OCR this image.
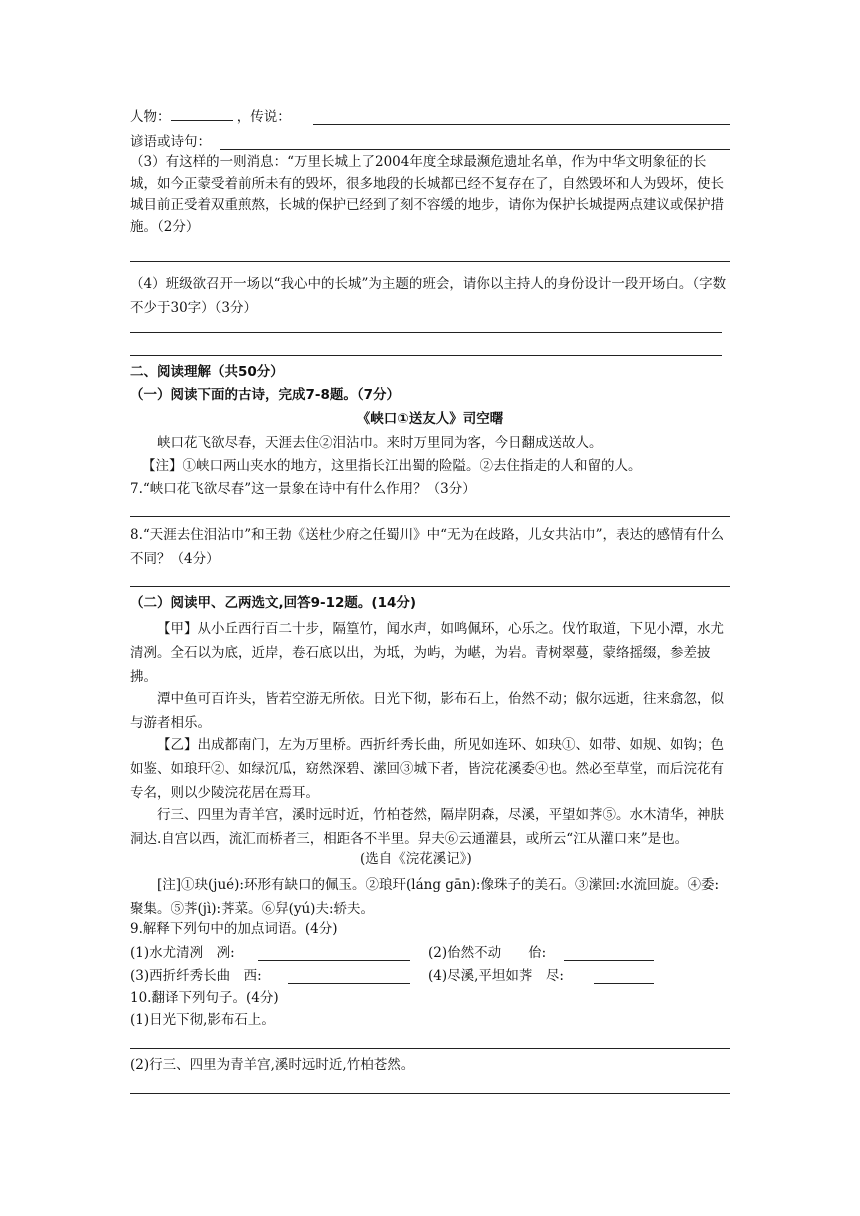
人物：	，传说：
谚语或诗句：
（3）有这样的一则消息：“万里长城上了2004年度全球最濒危遗址名单，作为中华文明象征的长城，如今正蒙受着前所未有的毁坏，很多地段的长城都已经不复存在了，自然毁坏和人为毁坏，使长城目前正受着双重煎熬，长城的保护已经到了刻不容缓的地步，请你为保护长城提两点建议或保护措施。（2分）
（4）班级欲召开一场以“我心中的长城”为主题的班会，请你以主持人的身份设计一段开场白。（字数不少于30字）（3分）
二、阅读理解（共50分）
（一）阅读下面的古诗，完成7-8题。（7分）
《峡口①送友人》司空曙
峡口花飞欲尽春，天涯去住②泪沾巾。来时万里同为客，今日翻成送故人。
【注】①峡口两山夹水的地方，这里指长江出蜀的险隘。②去住指走的人和留的人。
7.“峡口花飞欲尽春”这一景象在诗中有什么作用？（3分）
8.“天涯去住泪沾巾”和王勃《送杜少府之任蜀川》中“无为在歧路，儿女共沾巾”，表达的感情有什么不同？（4分）
（二）阅读甲、乙两选文,回答9-12题。(14分)
【甲】从小丘西行百二十步，隔篁竹，闻水声，如鸣佩环，心乐之。伐竹取道，下见小潭，水尤清冽。全石以为底，近岸，卷石底以出，为坻，为屿，为嵁，为岩。青树翠蔓，蒙络摇缀，参差披拂。
潭中鱼可百许头，皆若空游无所依。日光下彻，影布石上，佁然不动；俶尔远逝，往来翕忽，似与游者相乐。
【乙】出成都南门，左为万里桥。西折纤秀长曲，所见如连环、如玦①、如带、如规、如钩；色如鉴、如琅玕②、如绿沉瓜，窈然深碧、潆回③城下者，皆浣花溪委④也。然必至草堂，而后浣花有专名，则以少陵浣花居在焉耳。
行三、四里为青羊宫，溪时远时近，竹柏苍然，隔岸阴森，尽溪，平望如荠⑤。水木清华，神肤洞达.自宫以西，流汇而桥者三，相距各不半里。舁夫⑥云通灌县，或所云“江从灌口来”是也。
(选自《浣花溪记》)
[注]①玦(jué):环形有缺口的佩玉。②琅玕(láng gān):像珠子的美石。③潆回:水流回旋。④委:聚集。⑤荠(jì):荠菜。⑥舁(yú)夫:轿夫。
9.解释下列句中的加点词语。(4分)
(1)水尤清冽　冽:	(2)佁然不动　　佁:
(3)西折纤秀长曲　西:	(4)尽溪,平坦如荠　尽:
10.翻译下列句子。(4分)
(1)日光下彻,影布石上。
(2)行三、四里为青羊宫,溪时远时近,竹柏苍然。
